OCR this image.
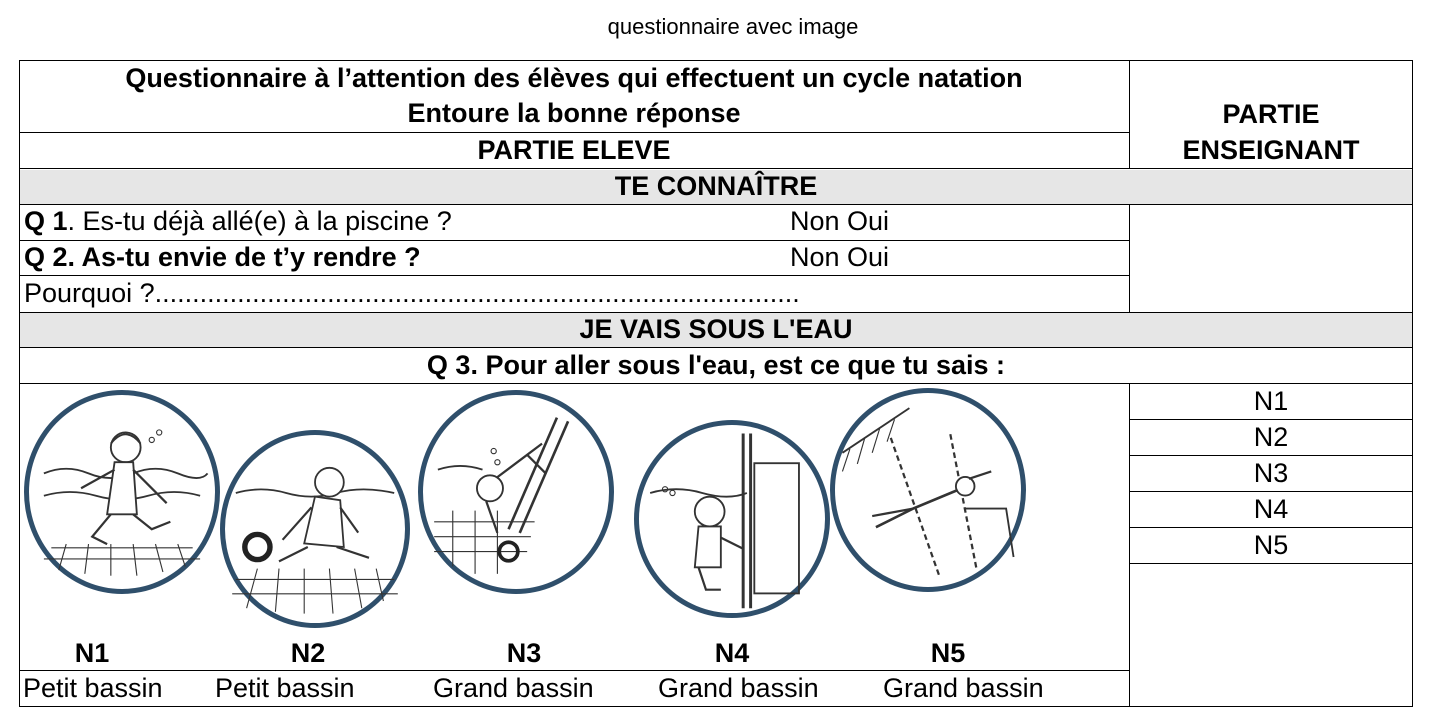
questionnaire avec image
Questionnaire à l’attention des élèves qui effectuent un cycle natation
Entoure la bonne réponse
PARTIE ELEVE
PARTIE
ENSEIGNANT
TE CONNAÎTRE
Q 1. Es-tu déjà allé(e) à la piscine ?	Non Oui
Q 2. As-tu envie de t’y rendre ?	Non Oui
Pourquoi ?......................................................................................
JE VAIS SOUS L'EAU
Q 3. Pour aller sous l'eau, est ce que tu sais :
N1
N2
N3
N4
N5
N1	N2	N3	N4	N5
Petit bassin Petit bassin	Grand bassin Grand bassin Grand bassin
